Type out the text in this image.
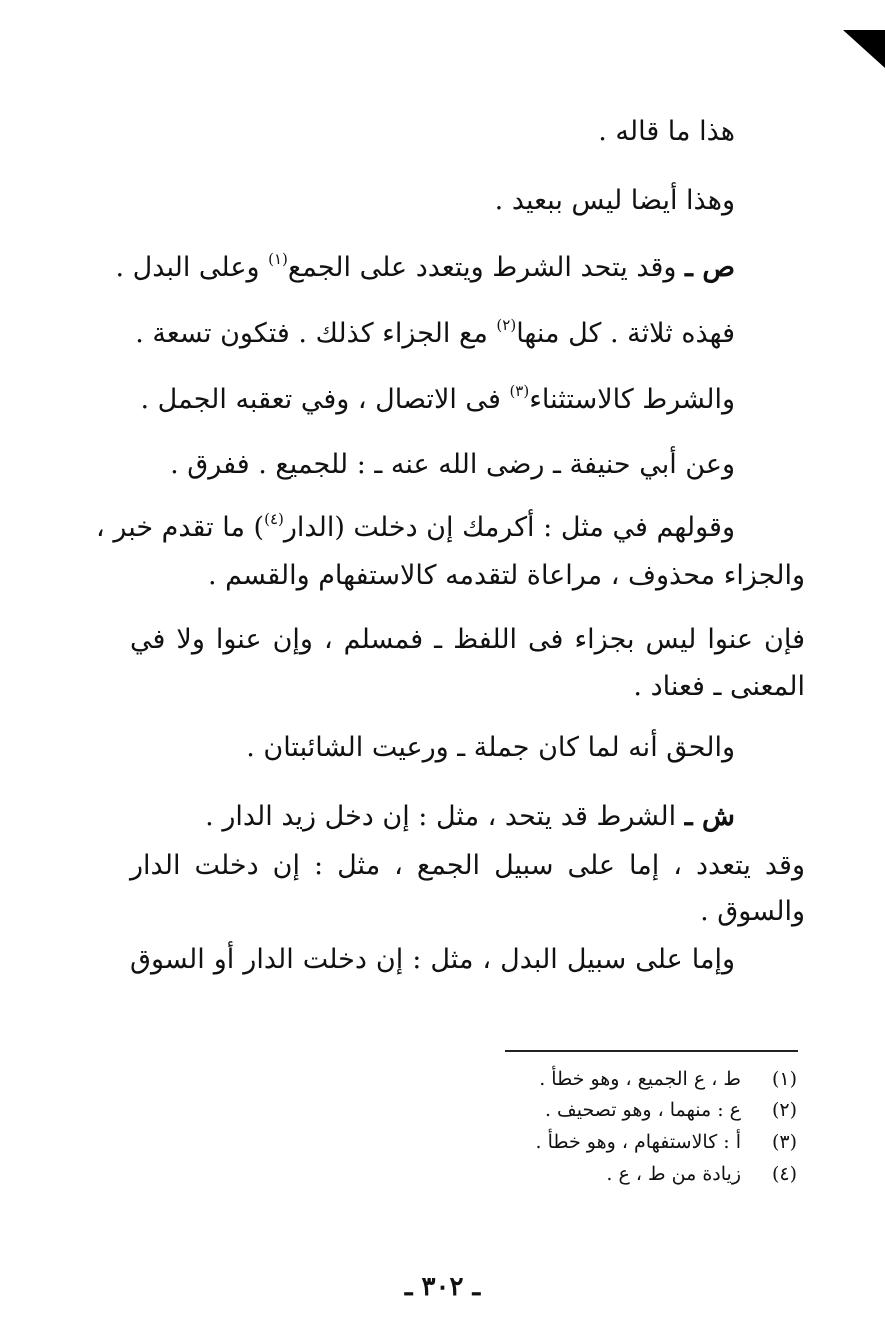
هذا ما قاله .
وهذا أيضا ليس ببعيد .
ص ـ وقد يتحد الشرط ويتعدد على الجمع$^{(١)}$ وعلى البدل .
فهذه ثلاثة . كل منها$^{(٢)}$ مع الجزاء كذلك . فتكون تسعة .
والشرط كالاستثناء$^{(٣)}$ فى الاتصال ، وفي تعقبه الجمل .
وعن أبي حنيفة ـ رضى الله عنه ـ : للجميع . ففرق .
وقولهم في مثل : أكرمك إن دخلت (الدار$^{(٤)}$) ما تقدم خبر ،
والجزاء محذوف ، مراعاة لتقدمه كالاستفهام والقسم .
فإن عنوا ليس بجزاء فى اللفظ ـ فمسلم ، وإن عنوا ولا في
المعنى ـ فعناد .
والحق أنه لما كان جملة ـ ورعيت الشائبتان .
ش ـ الشرط قد يتحد ، مثل : إن دخل زيد الدار .
وقد يتعدد ، إما على سبيل الجمع ، مثل : إن دخلت الدار
والسوق .
وإما على سبيل البدل ، مثل : إن دخلت الدار أو السوق
(١)ط ، ع الجميع ، وهو خطأ .
(٢)ع : منهما ، وهو تصحيف .
(٣)أ : كالاستفهام ، وهو خطأ .
(٤)زيادة من ط ، ع .
ـ ٣٠٢ ـ
